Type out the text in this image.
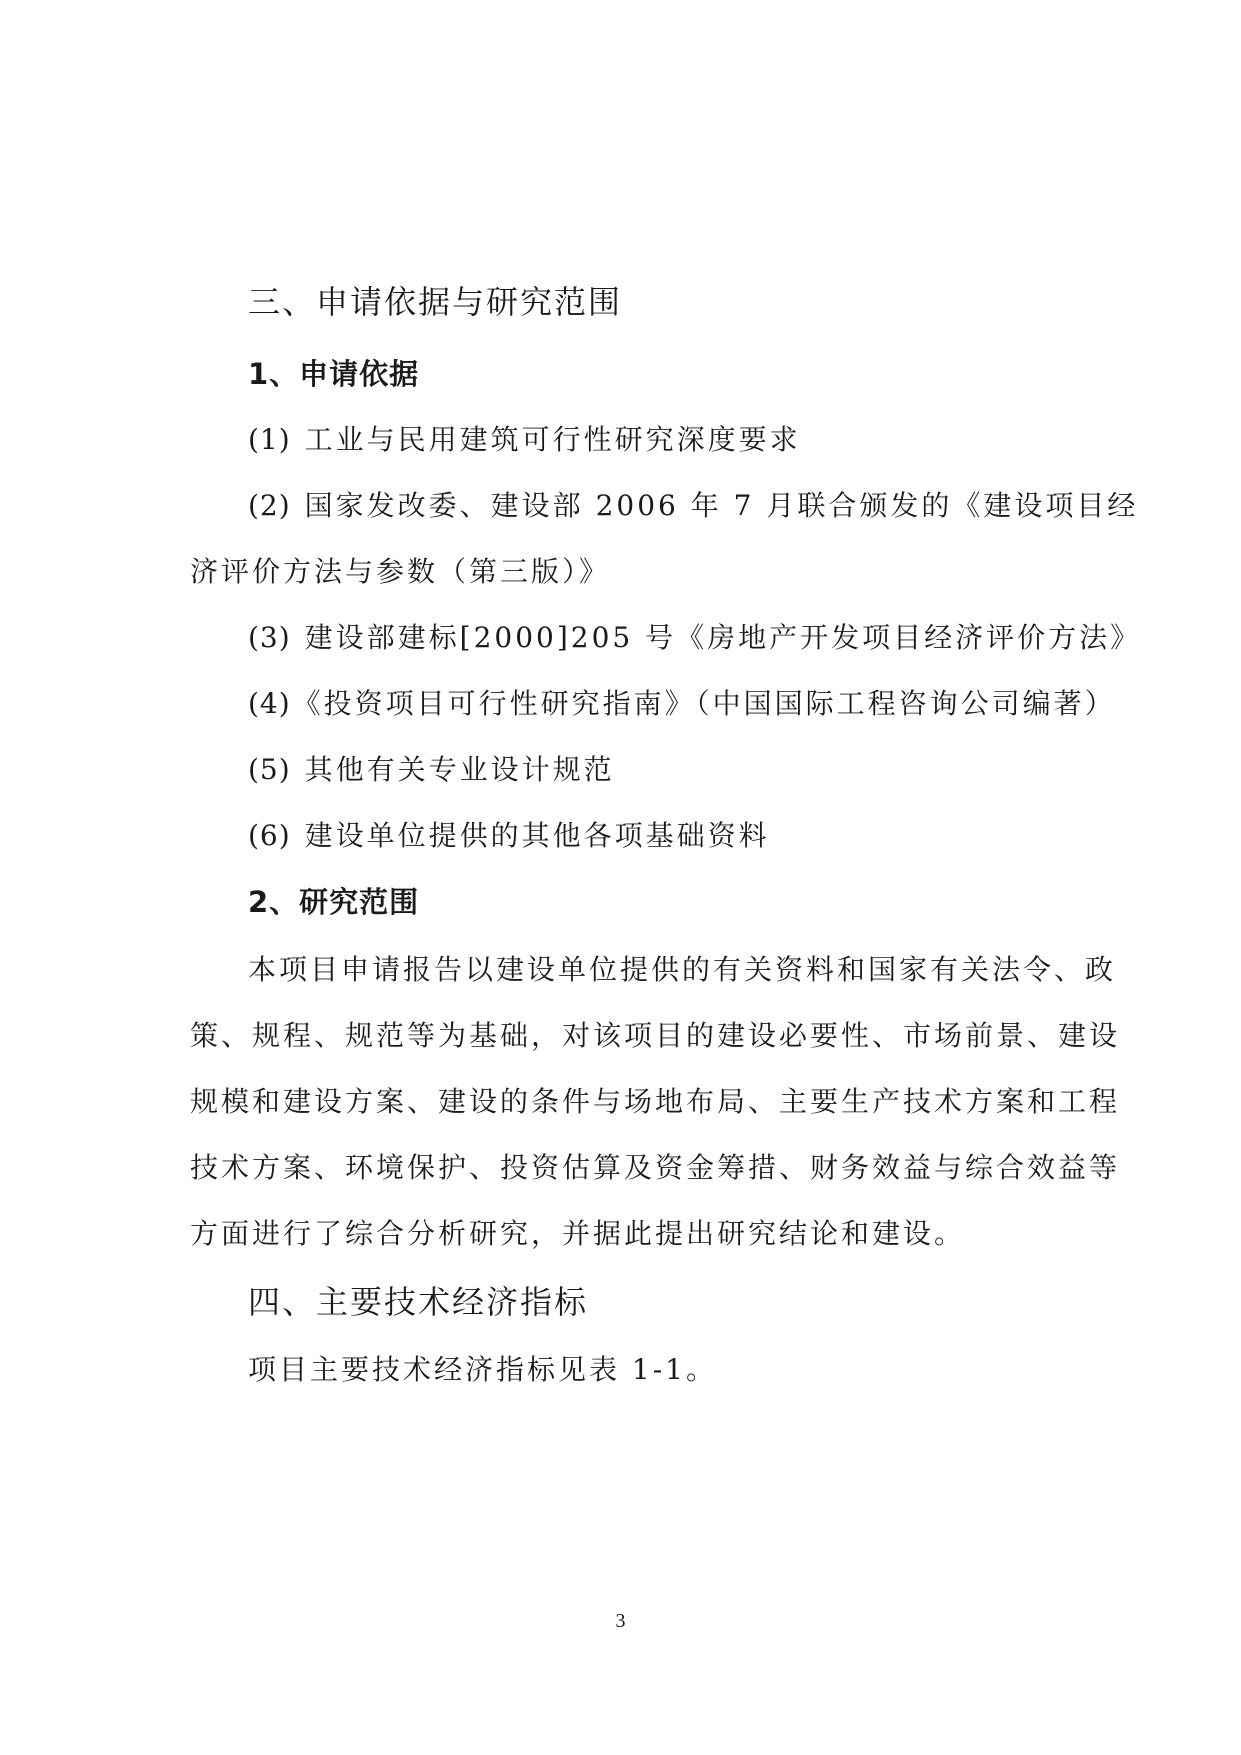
三、申请依据与研究范围
1、申请依据
(1) 工业与民用建筑可行性研究深度要求
(2) 国家发改委、建设部 2006 年 7 月联合颁发的《建设项目经
济评价方法与参数（第三版）》
(3) 建设部建标[2000]205 号《房地产开发项目经济评价方法》
(4)《投资项目可行性研究指南》（中国国际工程咨询公司编著）
(5) 其他有关专业设计规范
(6) 建设单位提供的其他各项基础资料
2、研究范围
本项目申请报告以建设单位提供的有关资料和国家有关法令、政
策、规程、规范等为基础，对该项目的建设必要性、市场前景、建设
规模和建设方案、建设的条件与场地布局、主要生产技术方案和工程
技术方案、环境保护、投资估算及资金筹措、财务效益与综合效益等
方面进行了综合分析研究，并据此提出研究结论和建设。
四、主要技术经济指标
项目主要技术经济指标见表 1-1。
3
